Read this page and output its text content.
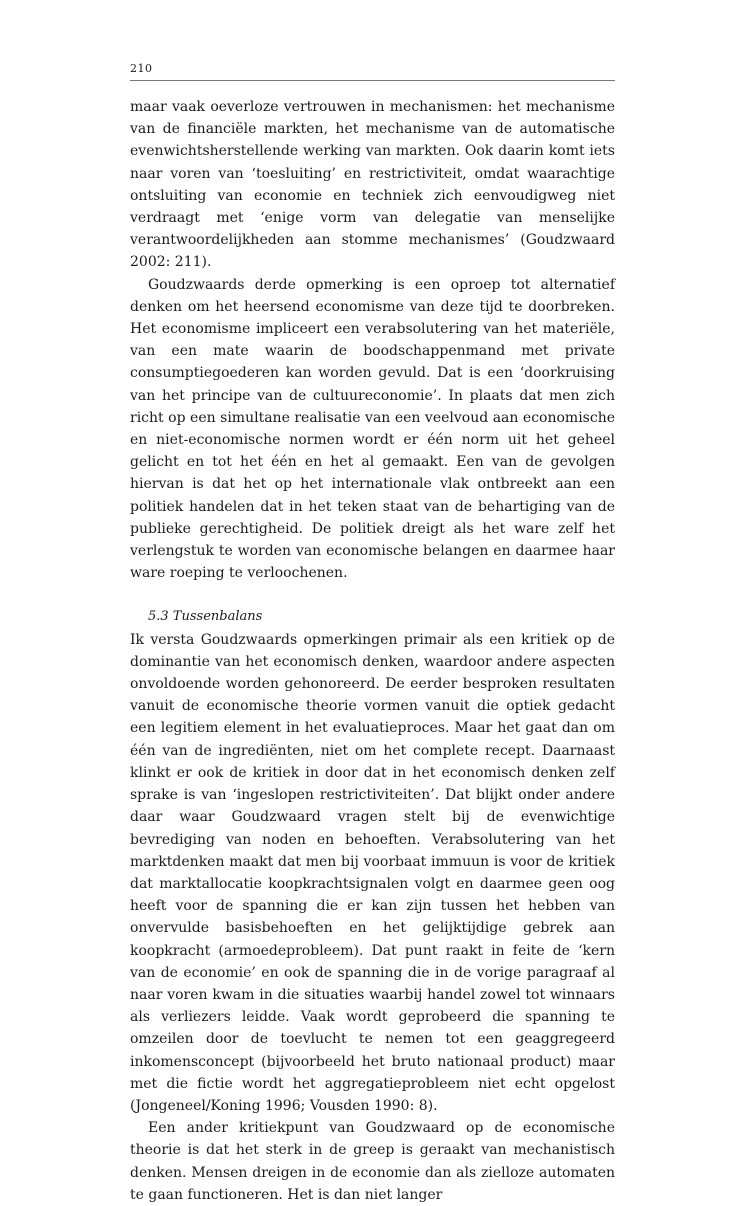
210

maar vaak oeverloze vertrouwen in mechanismen: het mechanisme van de financiële markten, het mechanisme van de automatische evenwichtsherstellende werking van markten. Ook daarin komt iets naar voren van ‘toesluiting’ en restrictiviteit, omdat waarachtige ontsluiting van economie en techniek zich eenvoudigweg niet verdraagt met ‘enige vorm van delegatie van menselijke verantwoordelijkheden aan stomme mechanismes’ (Goudzwaard 2002: 211).

Goudzwaards derde opmerking is een oproep tot alternatief denken om het heersend economisme van deze tijd te doorbreken. Het economisme impliceert een verabsolutering van het materiële, van een mate waarin de boodschappenmand met private consumptiegoederen kan worden gevuld. Dat is een ‘doorkruising van het principe van de cultuureconomie’. In plaats dat men zich richt op een simultane realisatie van een veelvoud aan economische en niet-economische normen wordt er één norm uit het geheel gelicht en tot het één en het al gemaakt. Een van de gevolgen hiervan is dat het op het internationale vlak ontbreekt aan een politiek handelen dat in het teken staat van de behartiging van de publieke gerechtigheid. De politiek dreigt als het ware zelf het verlengstuk te worden van economische belangen en daarmee haar ware roeping te verloochenen.

5.3 Tussenbalans

Ik versta Goudzwaards opmerkingen primair als een kritiek op de dominantie van het economisch denken, waardoor andere aspecten onvoldoende worden gehonoreerd. De eerder besproken resultaten vanuit de economische theorie vormen vanuit die optiek gedacht een legitiem element in het evaluatieproces. Maar het gaat dan om één van de ingrediënten, niet om het complete recept. Daarnaast klinkt er ook de kritiek in door dat in het economisch denken zelf sprake is van ‘ingeslopen restrictiviteiten’. Dat blijkt onder andere daar waar Goudzwaard vragen stelt bij de evenwichtige bevrediging van noden en behoeften. Verabsolutering van het marktdenken maakt dat men bij voorbaat immuun is voor de kritiek dat marktallocatie koopkrachtsignalen volgt en daarmee geen oog heeft voor de spanning die er kan zijn tussen het hebben van onvervulde basisbehoeften en het gelijktijdige gebrek aan koopkracht (armoedeprobleem). Dat punt raakt in feite de ‘kern van de economie’ en ook de spanning die in de vorige paragraaf al naar voren kwam in die situaties waarbij handel zowel tot winnaars als verliezers leidde. Vaak wordt geprobeerd die spanning te omzeilen door de toevlucht te nemen tot een geaggregeerd inkomensconcept (bijvoorbeeld het bruto nationaal product) maar met die fictie wordt het aggregatieprobleem niet echt opgelost (Jongeneel/Koning 1996; Vousden 1990: 8).

Een ander kritiekpunt van Goudzwaard op de economische theorie is dat het sterk in de greep is geraakt van mechanistisch denken. Mensen dreigen in de economie dan als zielloze automaten te gaan functioneren. Het is dan niet langer
